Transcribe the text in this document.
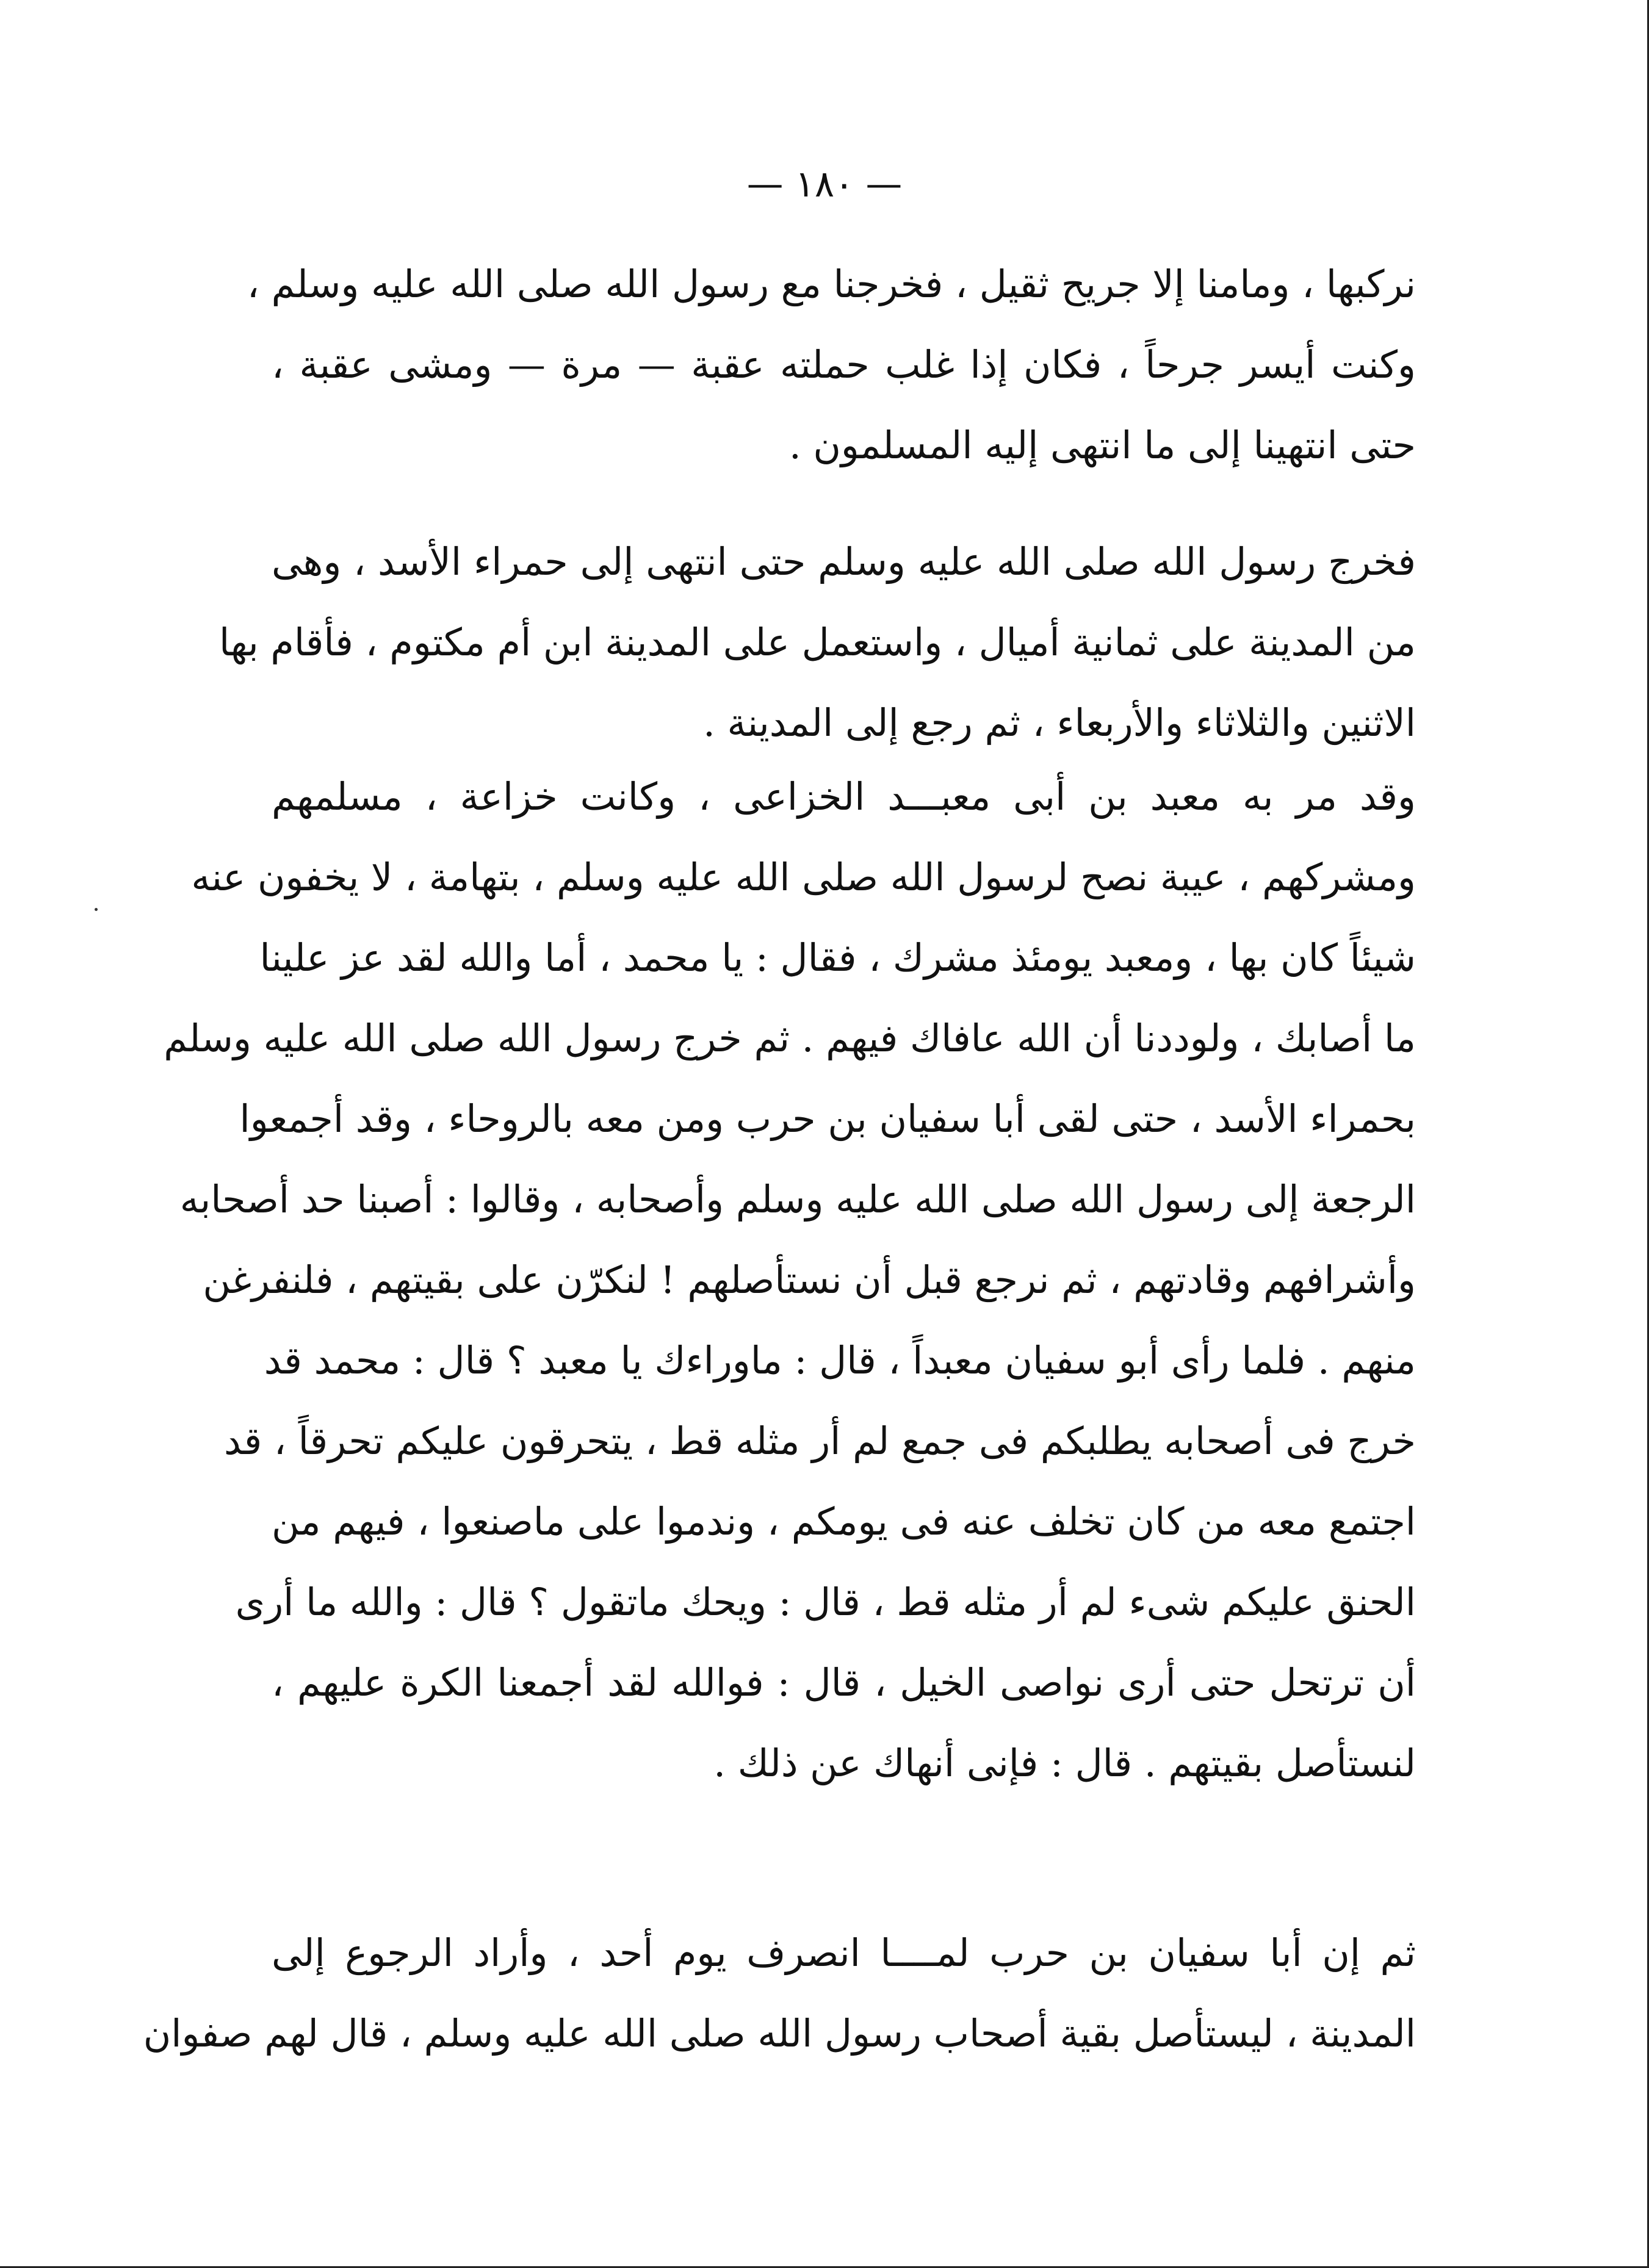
— ١٨٠ —
نركبها ، ومامنا إلا جريح ثقيل ، فخرجنا مع رسول الله صلى الله عليه وسلم ،
وكنت أيسر جرحاً ، فكان إذا غلب حملته عقبة — مرة — ومشى عقبة ،
حتى انتهينا إلى ما انتهى إليه المسلمون .
فخرج رسول الله صلى الله عليه وسلم حتى انتهى إلى حمراء الأسد ، وهى
من المدينة على ثمانية أميال ، واستعمل على المدينة ابن أم مكتوم ، فأقام بها
الاثنين والثلاثاء والأربعاء ، ثم رجع إلى المدينة .
وقد مر به معبد بن أبى معبـــد الخزاعى ، وكانت خزاعة ، مسلمهم
ومشركهم ، عيبة نصح لرسول الله صلى الله عليه وسلم ، بتهامة ، لا يخفون عنه
شيئاً كان بها ، ومعبد يومئذ مشرك ، فقال : يا محمد ، أما والله لقد عز علينا
ما أصابك ، ولوددنا أن الله عافاك فيهم . ثم خرج رسول الله صلى الله عليه وسلم
بحمراء الأسد ، حتى لقى أبا سفيان بن حرب ومن معه بالروحاء ، وقد أجمعوا
الرجعة إلى رسول الله صلى الله عليه وسلم وأصحابه ، وقالوا : أصبنا حد أصحابه
وأشرافهم وقادتهم ، ثم نرجع قبل أن نستأصلهم ! لنكرّن على بقيتهم ، فلنفرغن
منهم . فلما رأى أبو سفيان معبداً ، قال : ماوراءك يا معبد ؟ قال : محمد قد
خرج فى أصحابه يطلبكم فى جمع لم أر مثله قط ، يتحرقون عليكم تحرقاً ، قد
اجتمع معه من كان تخلف عنه فى يومكم ، وندموا على ماصنعوا ، فيهم من
الحنق عليكم شىء لم أر مثله قط ، قال : ويحك ماتقول ؟ قال : والله ما أرى
أن ترتحل حتى أرى نواصى الخيل ، قال : فوالله لقد أجمعنا الكرة عليهم ،
لنستأصل بقيتهم . قال : فإنى أنهاك عن ذلك .
ثم إن أبا سفيان بن حرب لمــــا انصرف يوم أحد ، وأراد الرجوع إلى
المدينة ، ليستأصل بقية أصحاب رسول الله صلى الله عليه وسلم ، قال لهم صفوان
